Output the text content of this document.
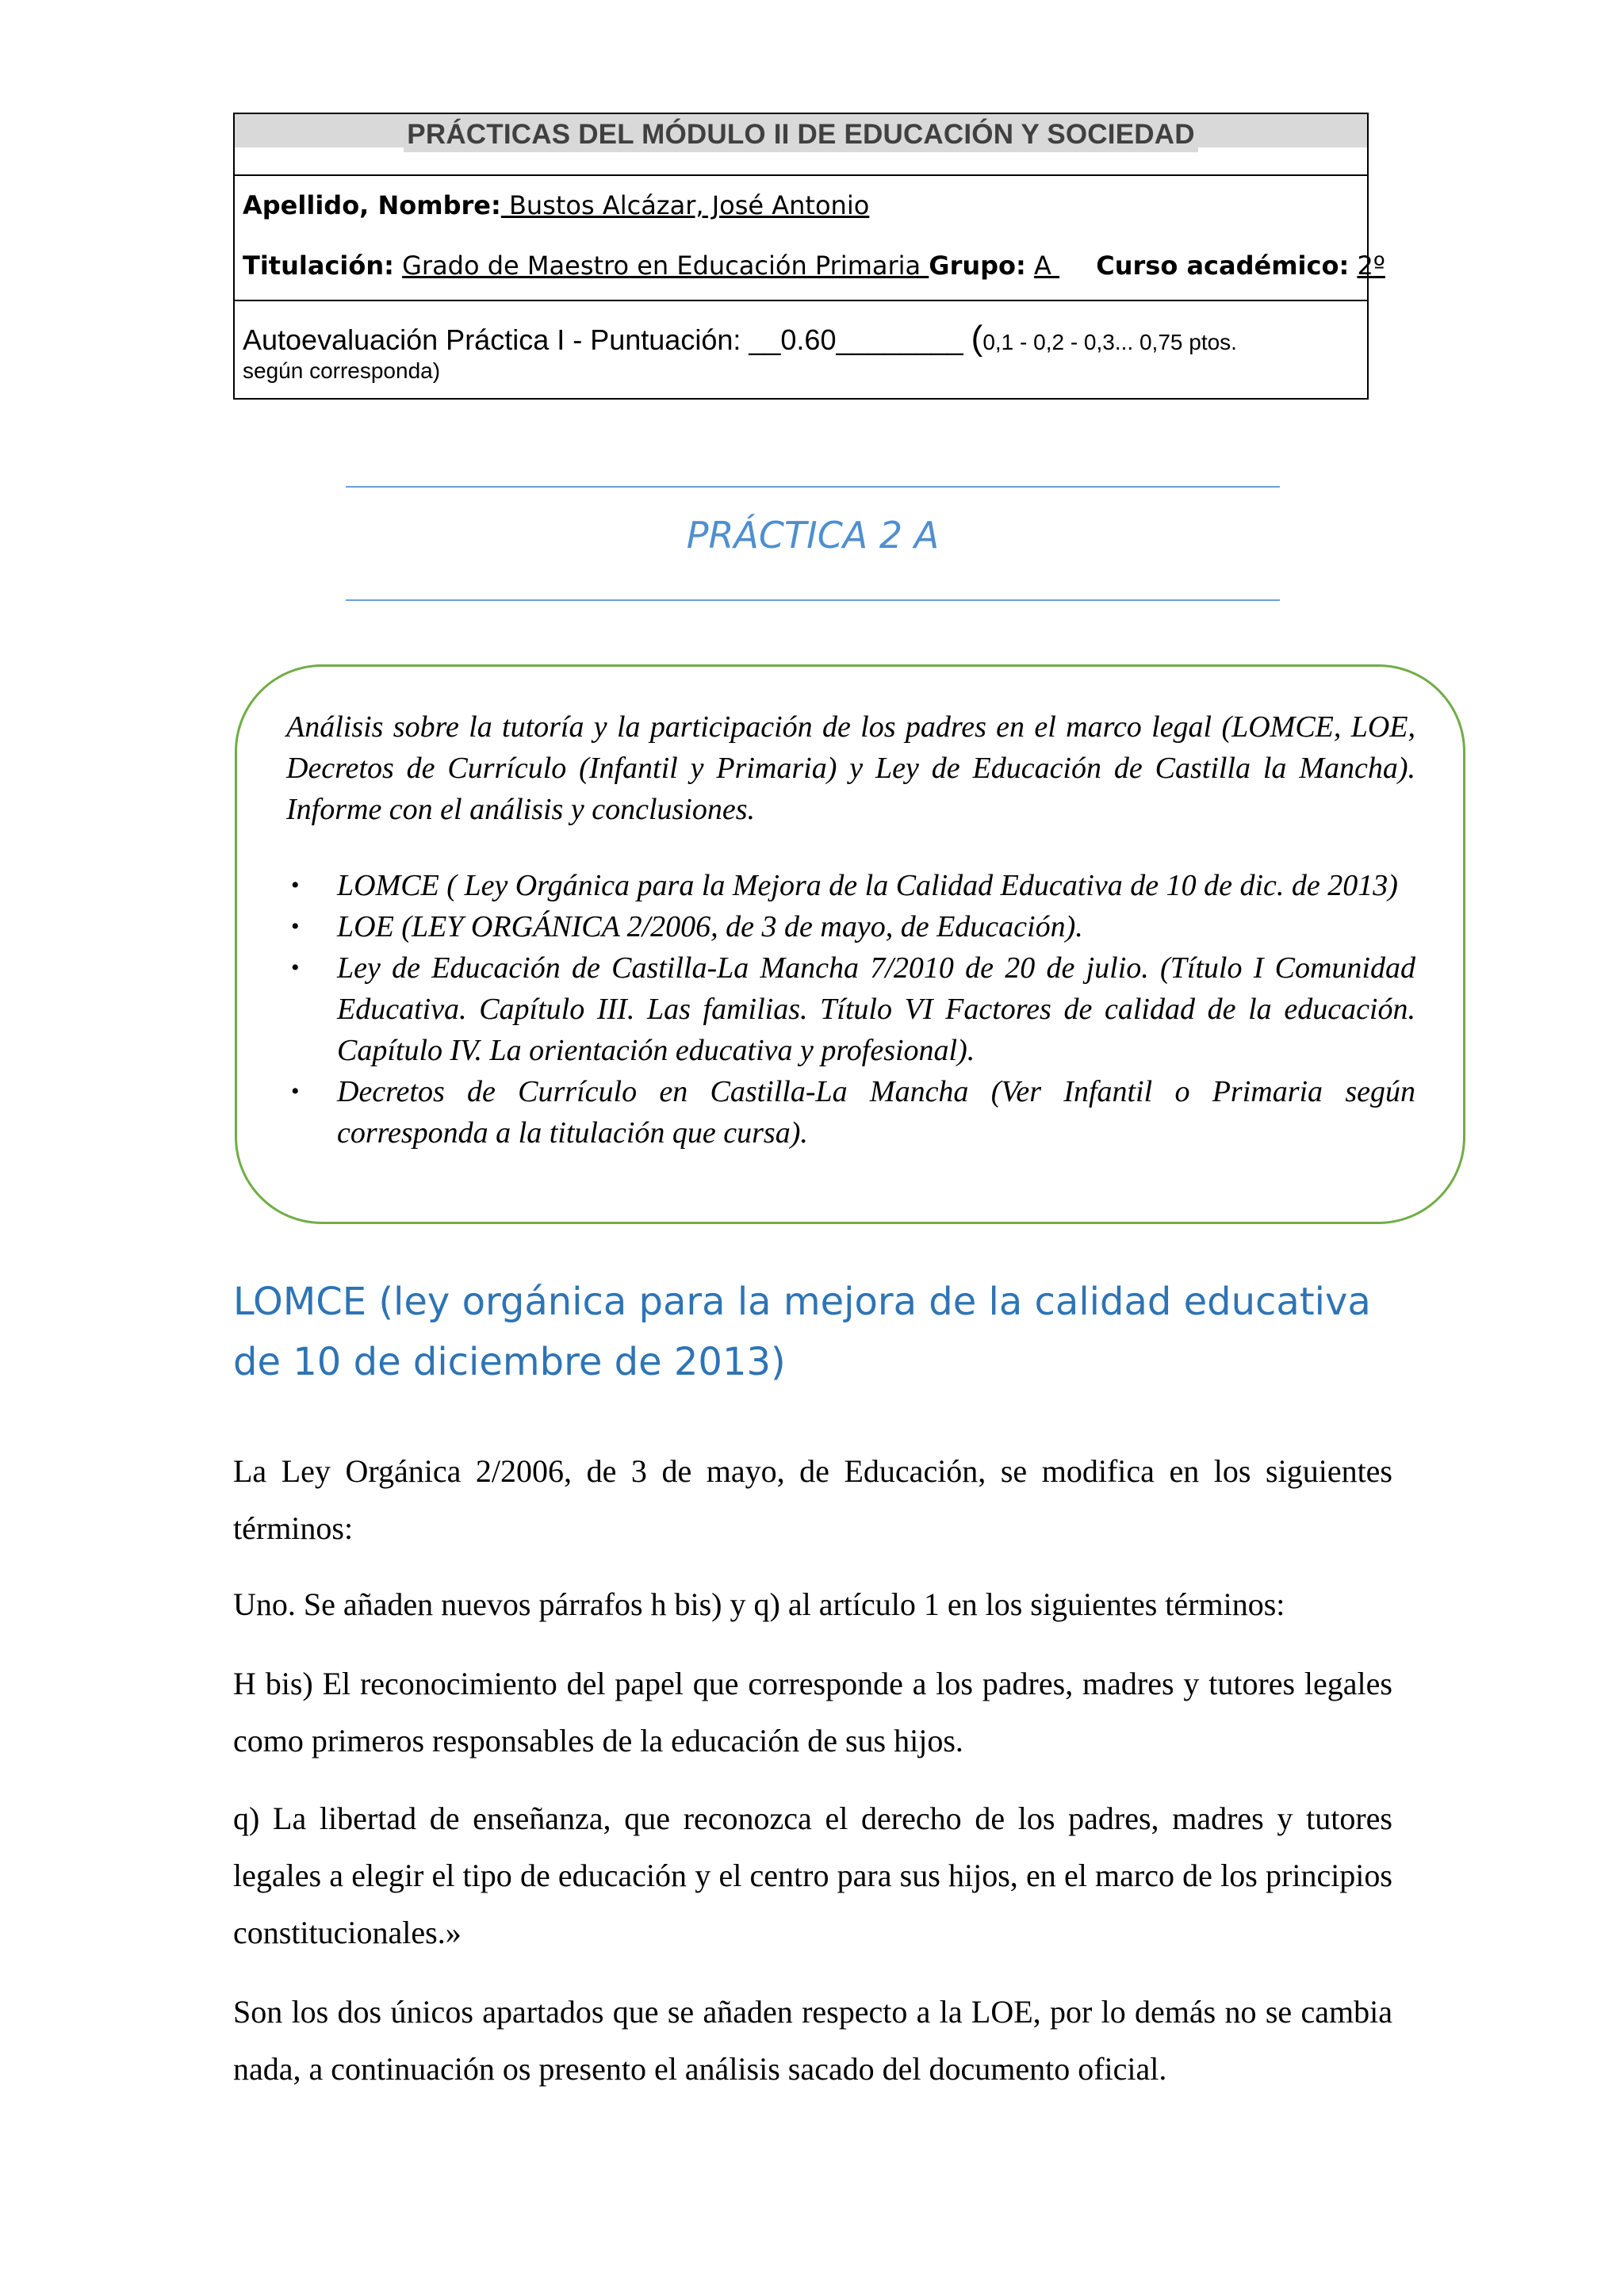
PRÁCTICAS DEL MÓDULO II DE EDUCACIÓN Y SOCIEDAD
Apellido, Nombre: Bustos Alcázar, José Antonio
Titulación: Grado de Maestro en Educación Primaria Grupo: A  Curso académico: 2º
Autoevaluación Práctica I - Puntuación: __0.60________ (0,1 - 0,2 - 0,3... 0,75 ptos.
según corresponda)
PRÁCTICA 2 A
Análisis sobre la tutoría y la participación de los padres en el marco legal (LOMCE, LOE, Decretos de Currículo (Infantil y Primaria) y Ley de Educación de Castilla la Mancha). Informe con el análisis y conclusiones.
• LOMCE ( Ley Orgánica para la Mejora de la Calidad Educativa de 10 de dic. de 2013)
• LOE (LEY ORGÁNICA 2/2006, de 3 de mayo, de Educación).
• Ley de Educación de Castilla-La Mancha 7/2010 de 20 de julio. (Título I Comunidad Educativa. Capítulo III. Las familias. Título VI Factores de calidad de la educación. Capítulo IV. La orientación educativa y profesional).
• Decretos de Currículo en Castilla-La Mancha (Ver Infantil o Primaria según corresponda a la titulación que cursa).
LOMCE (ley orgánica para la mejora de la calidad educativa de 10 de diciembre de 2013)

La Ley Orgánica 2/2006, de 3 de mayo, de Educación, se modifica en los siguientes términos:

Uno. Se añaden nuevos párrafos h bis) y q) al artículo 1 en los siguientes términos:

H bis) El reconocimiento del papel que corresponde a los padres, madres y tutores legales como primeros responsables de la educación de sus hijos.

q) La libertad de enseñanza, que reconozca el derecho de los padres, madres y tutores legales a elegir el tipo de educación y el centro para sus hijos, en el marco de los principios constitucionales.»

Son los dos únicos apartados que se añaden respecto a la LOE, por lo demás no se cambia nada, a continuación os presento el análisis sacado del documento oficial.
